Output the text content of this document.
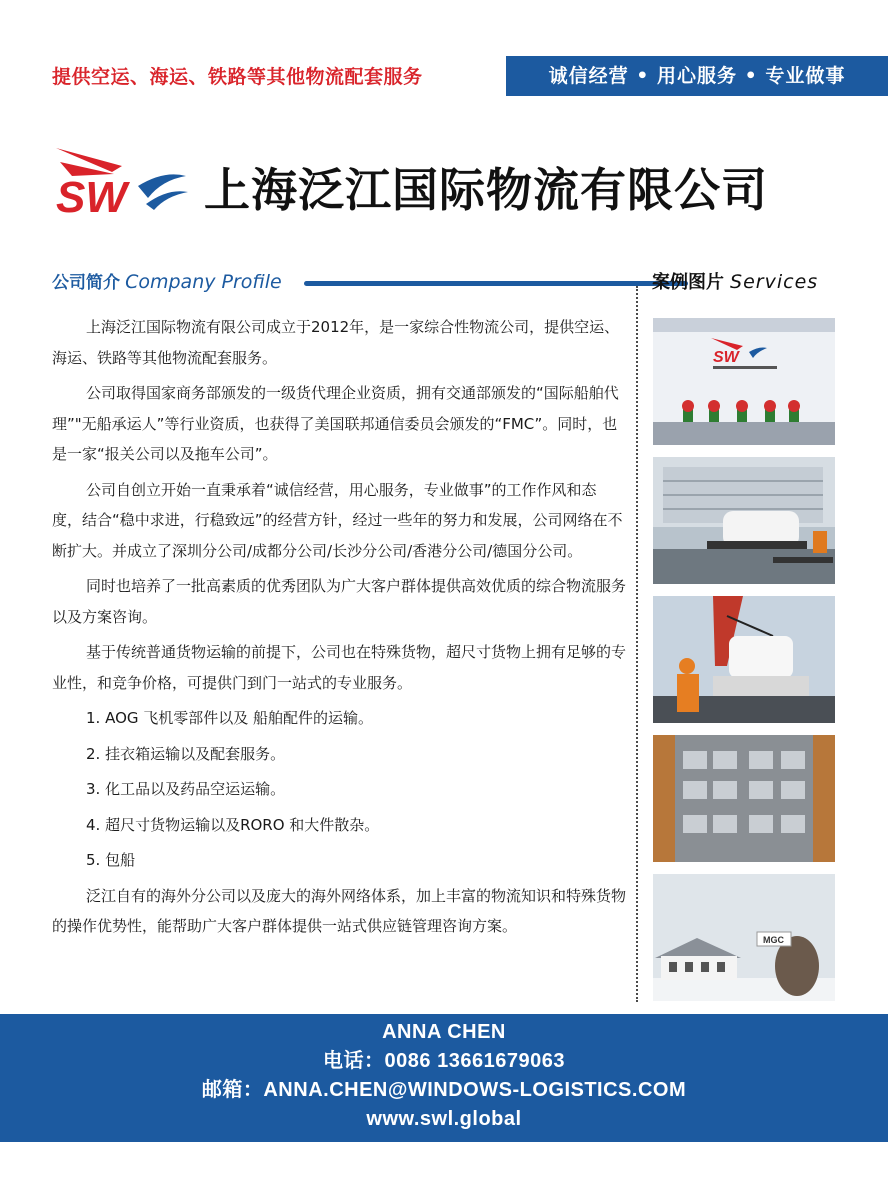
提供空运、海运、铁路等其他物流配套服务	诚信经营 • 用心服务 • 专业做事
SW 上海泛江国际物流有限公司
公司简介 Company Profile	案例图片 Services

上海泛江国际物流有限公司成立于2012年，是一家综合性物流公司，提供空运、海运、铁路等其他物流配套服务。

公司取得国家商务部颁发的一级货代理企业资质，拥有交通部颁发的“国际船舶代理”"无船承运人”等行业资质，也获得了美国联邦通信委员会颁发的“FMC”。同时，也是一家“报关公司以及拖车公司”。

公司自创立开始一直秉承着“诚信经营，用心服务，专业做事”的工作作风和态度，结合“稳中求进，行稳致远”的经营方针，经过一些年的努力和发展，公司网络在不断扩大。并成立了深圳分公司/成都分公司/长沙分公司/香港分公司/德国分公司。

同时也培养了一批高素质的优秀团队为广大客户群体提供高效优质的综合物流服务以及方案咨询。

基于传统普通货物运输的前提下，公司也在特殊货物，超尺寸货物上拥有足够的专业性，和竞争价格，可提供门到门一站式的专业服务。

1. AOG 飞机零部件以及 船舶配件的运输。

2. 挂衣箱运输以及配套服务。

3. 化工品以及药品空运运输。

4. 超尺寸货物运输以及RORO 和大件散杂。

5. 包船

泛江自有的海外分公司以及庞大的海外网络体系，加上丰富的物流知识和特殊货物的操作优势性，能帮助广大客户群体提供一站式供应链管理咨询方案。

SW
MGC
ANNA CHEN
电话：0086 13661679063
邮箱：ANNA.CHEN@WINDOWS-LOGISTICS.COM
www.swl.global
